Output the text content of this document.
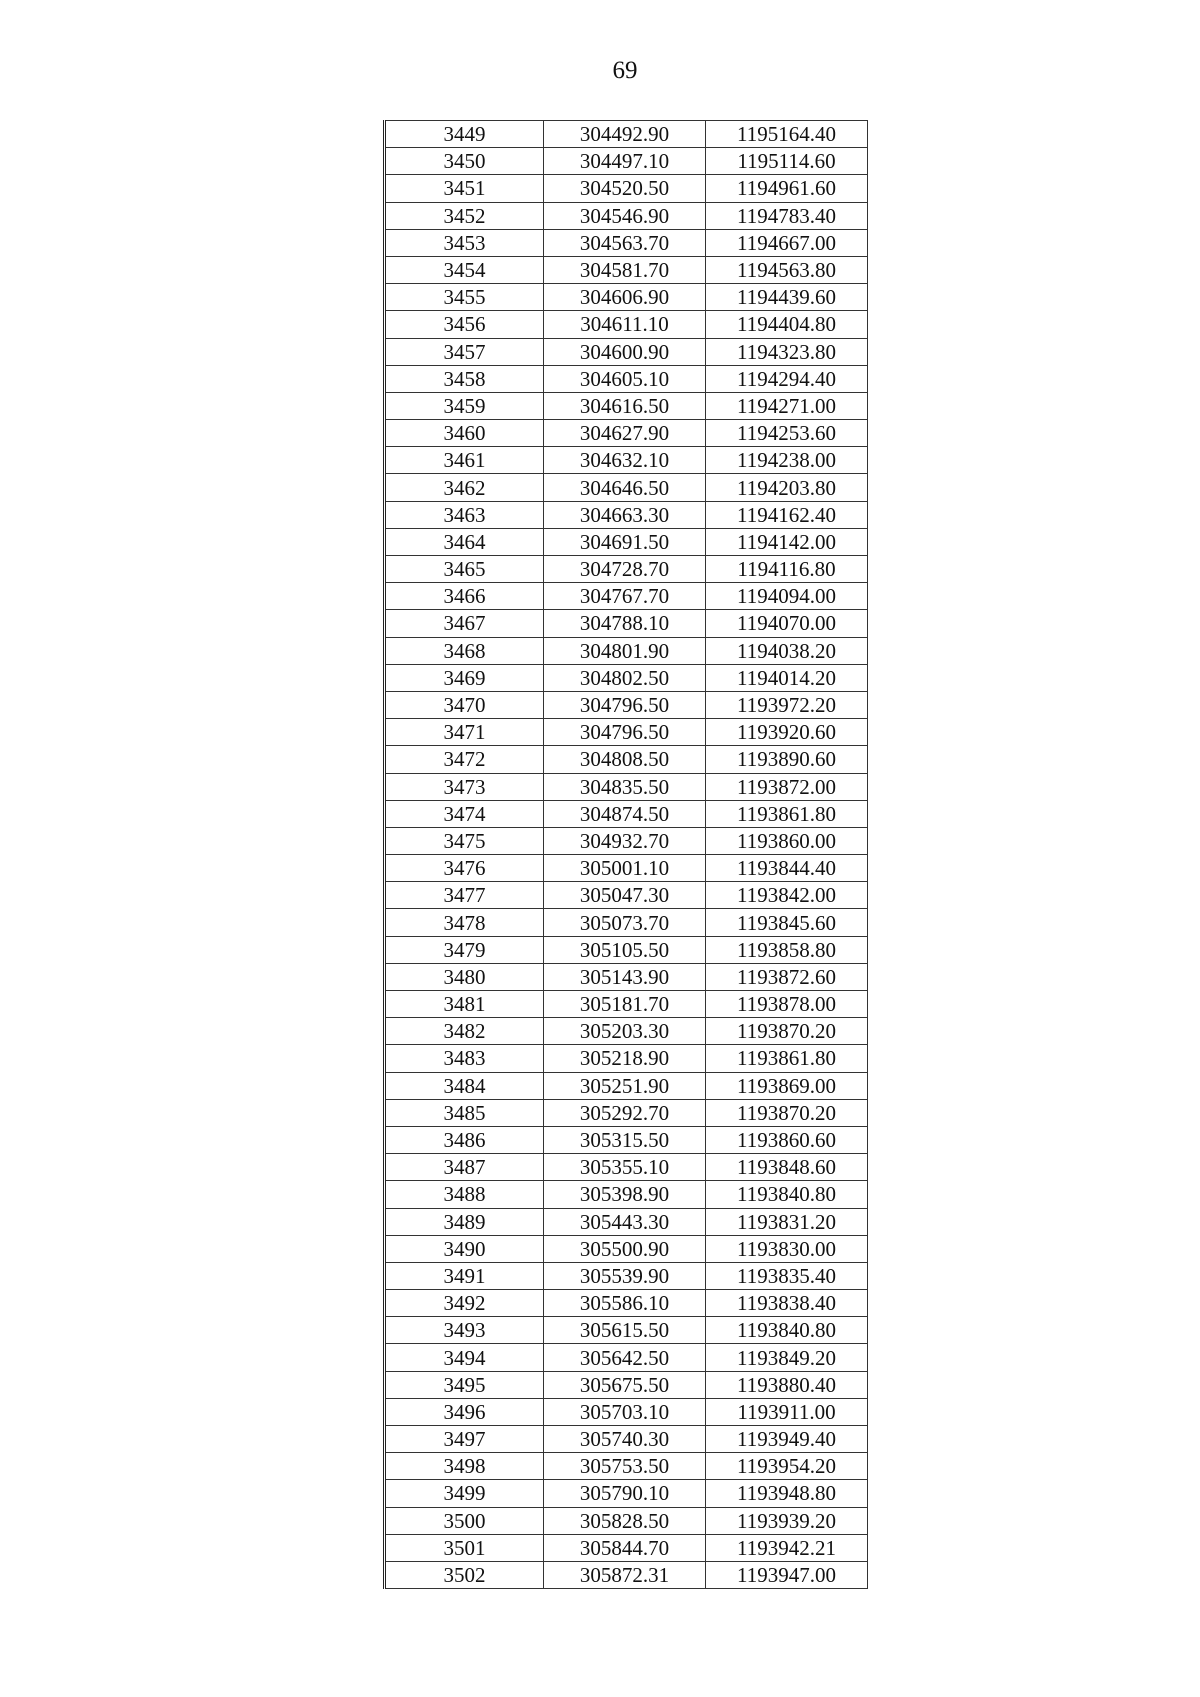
69
3449	304492.90	1195164.40
3450	304497.10	1195114.60
3451	304520.50	1194961.60
3452	304546.90	1194783.40
3453	304563.70	1194667.00
3454	304581.70	1194563.80
3455	304606.90	1194439.60
3456	304611.10	1194404.80
3457	304600.90	1194323.80
3458	304605.10	1194294.40
3459	304616.50	1194271.00
3460	304627.90	1194253.60
3461	304632.10	1194238.00
3462	304646.50	1194203.80
3463	304663.30	1194162.40
3464	304691.50	1194142.00
3465	304728.70	1194116.80
3466	304767.70	1194094.00
3467	304788.10	1194070.00
3468	304801.90	1194038.20
3469	304802.50	1194014.20
3470	304796.50	1193972.20
3471	304796.50	1193920.60
3472	304808.50	1193890.60
3473	304835.50	1193872.00
3474	304874.50	1193861.80
3475	304932.70	1193860.00
3476	305001.10	1193844.40
3477	305047.30	1193842.00
3478	305073.70	1193845.60
3479	305105.50	1193858.80
3480	305143.90	1193872.60
3481	305181.70	1193878.00
3482	305203.30	1193870.20
3483	305218.90	1193861.80
3484	305251.90	1193869.00
3485	305292.70	1193870.20
3486	305315.50	1193860.60
3487	305355.10	1193848.60
3488	305398.90	1193840.80
3489	305443.30	1193831.20
3490	305500.90	1193830.00
3491	305539.90	1193835.40
3492	305586.10	1193838.40
3493	305615.50	1193840.80
3494	305642.50	1193849.20
3495	305675.50	1193880.40
3496	305703.10	1193911.00
3497	305740.30	1193949.40
3498	305753.50	1193954.20
3499	305790.10	1193948.80
3500	305828.50	1193939.20
3501	305844.70	1193942.21
3502	305872.31	1193947.00
